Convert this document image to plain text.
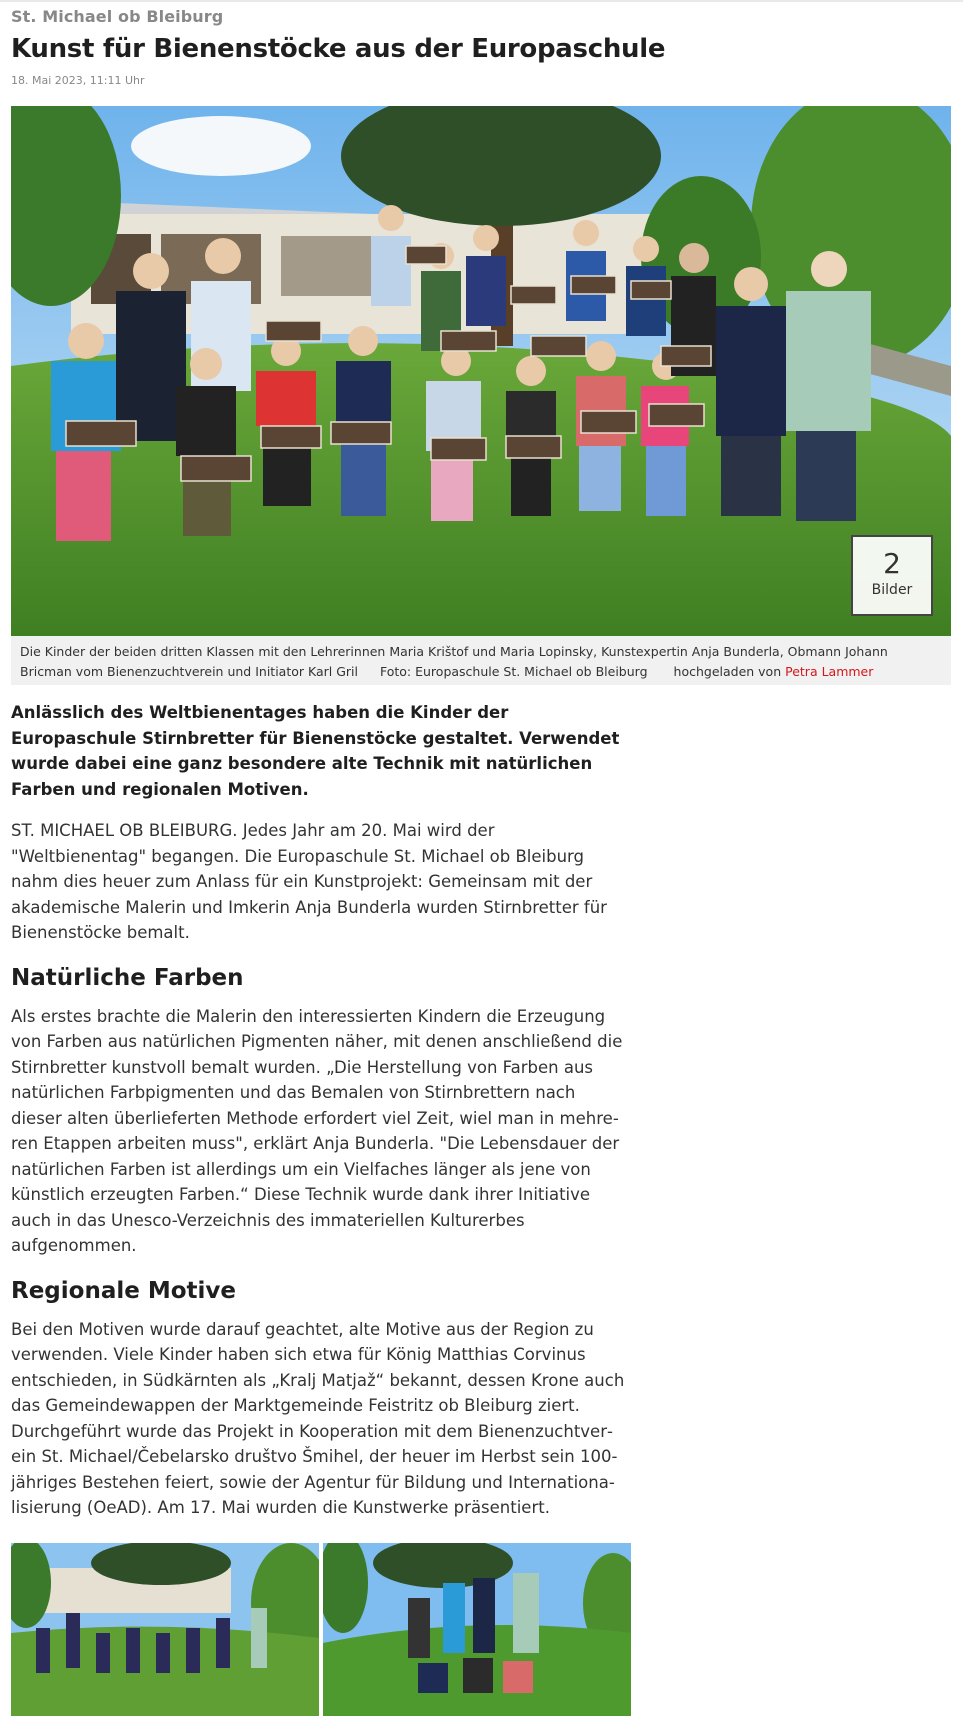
St. Michael ob Bleiburg
Kunst für Bienenstöcke aus der Europaschule
18. Mai 2023, 11:11 Uhr
2
Bilder
Die Kinder der beiden dritten Klassen mit den Lehrerinnen Maria Krištof und Maria Lopinsky, Kunstexpertin Anja Bunderla, Obmann Johann Bricman vom Bienenzuchtverein und Initiator Karl Gril Foto: Europaschule St. Michael ob Bleiburg hochgeladen von Petra Lammer

Anlässlich des Weltbienentages haben die Kinder der Europaschule Stirnbretter für Bienenstöcke gestaltet. Verwendet wurde dabei eine ganz besondere alte Technik mit natürlichen Farben und regionalen Motiven.

ST. MICHAEL OB BLEIBURG. Jedes Jahr am 20. Mai wird der "Weltbienentag" begangen. Die Europaschule St. Michael ob Bleiburg nahm dies heuer zum Anlass für ein Kunstprojekt: Gemeinsam mit der akademische Malerin und Imkerin Anja Bunderla wurden Stirnbretter für Bienenstöcke bemalt.

Natürliche Farben

Als erstes brachte die Malerin den interessierten Kindern die Erzeugung von Farben aus natürlichen Pigmenten näher, mit denen anschließend die Stirnbretter kunstvoll bemalt wurden. „Die Herstellung von Farben aus natürlichen Farbpigmenten und das Bemalen von Stirnbrettern nach dieser alten überlieferten Methode erfordert viel Zeit, wiel man in mehreren Etappen arbeiten muss", erklärt Anja Bunderla. "Die Lebensdauer der natürlichen Farben ist allerdings um ein Vielfaches länger als jene von künstlich erzeugten Farben.“ Diese Technik wurde dank ihrer Initiative auch in das Unesco-Verzeichnis des immateriellen Kulturerbes aufgenommen.

Regionale Motive

Bei den Motiven wurde darauf geachtet, alte Motive aus der Region zu verwenden. Viele Kinder haben sich etwa für König Matthias Corvinus entschieden, in Südkärnten als „Kralj Matjaž“ bekannt, dessen Krone auch das Gemeindewappen der Marktgemeinde Feistritz ob Bleiburg ziert. Durchgeführt wurde das Projekt in Kooperation mit dem Bienenzuchtverein St. Michael/Čebelarsko društvo Šmihel, der heuer im Herbst sein 100-jähriges Bestehen feiert, sowie der Agentur für Bildung und Internationalisierung (OeAD). Am 17. Mai wurden die Kunstwerke präsentiert.
